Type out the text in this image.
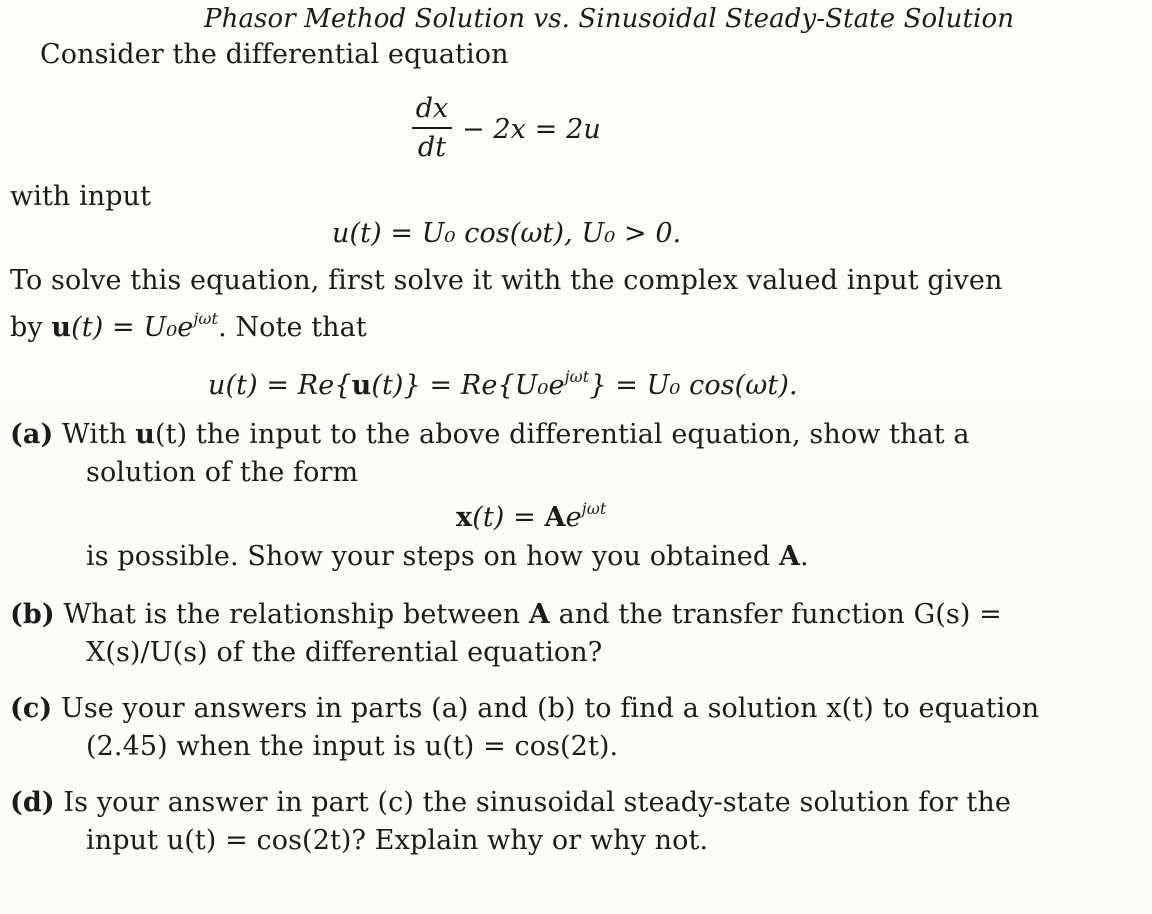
Phasor Method Solution vs. Sinusoidal Steady-State Solution
Consider the differential equation
dx
dt
− 2x = 2u
with input
u(t) = U₀ cos(ωt), U₀ > 0.
To solve this equation, first solve it with the complex valued input given
by $u(t) = U_0e^{j\omega t}$. Note that
$u(t) = Re\{u(t)\} = Re\{U_0e^{j\omega t}\} = U_0$ cos(ωt).
(a) With u(t) the input to the above differential equation, show that a
solution of the form
$x(t) = Ae^{j\omega t}$
is possible. Show your steps on how you obtained A.
(b) What is the relationship between A and the transfer function G(s) =
X(s)/U(s) of the differential equation?
(c) Use your answers in parts (a) and (b) to find a solution x(t) to equation
(2.45) when the input is u(t) = cos(2t).
(d) Is your answer in part (c) the sinusoidal steady-state solution for the
input u(t) = cos(2t)? Explain why or why not.
